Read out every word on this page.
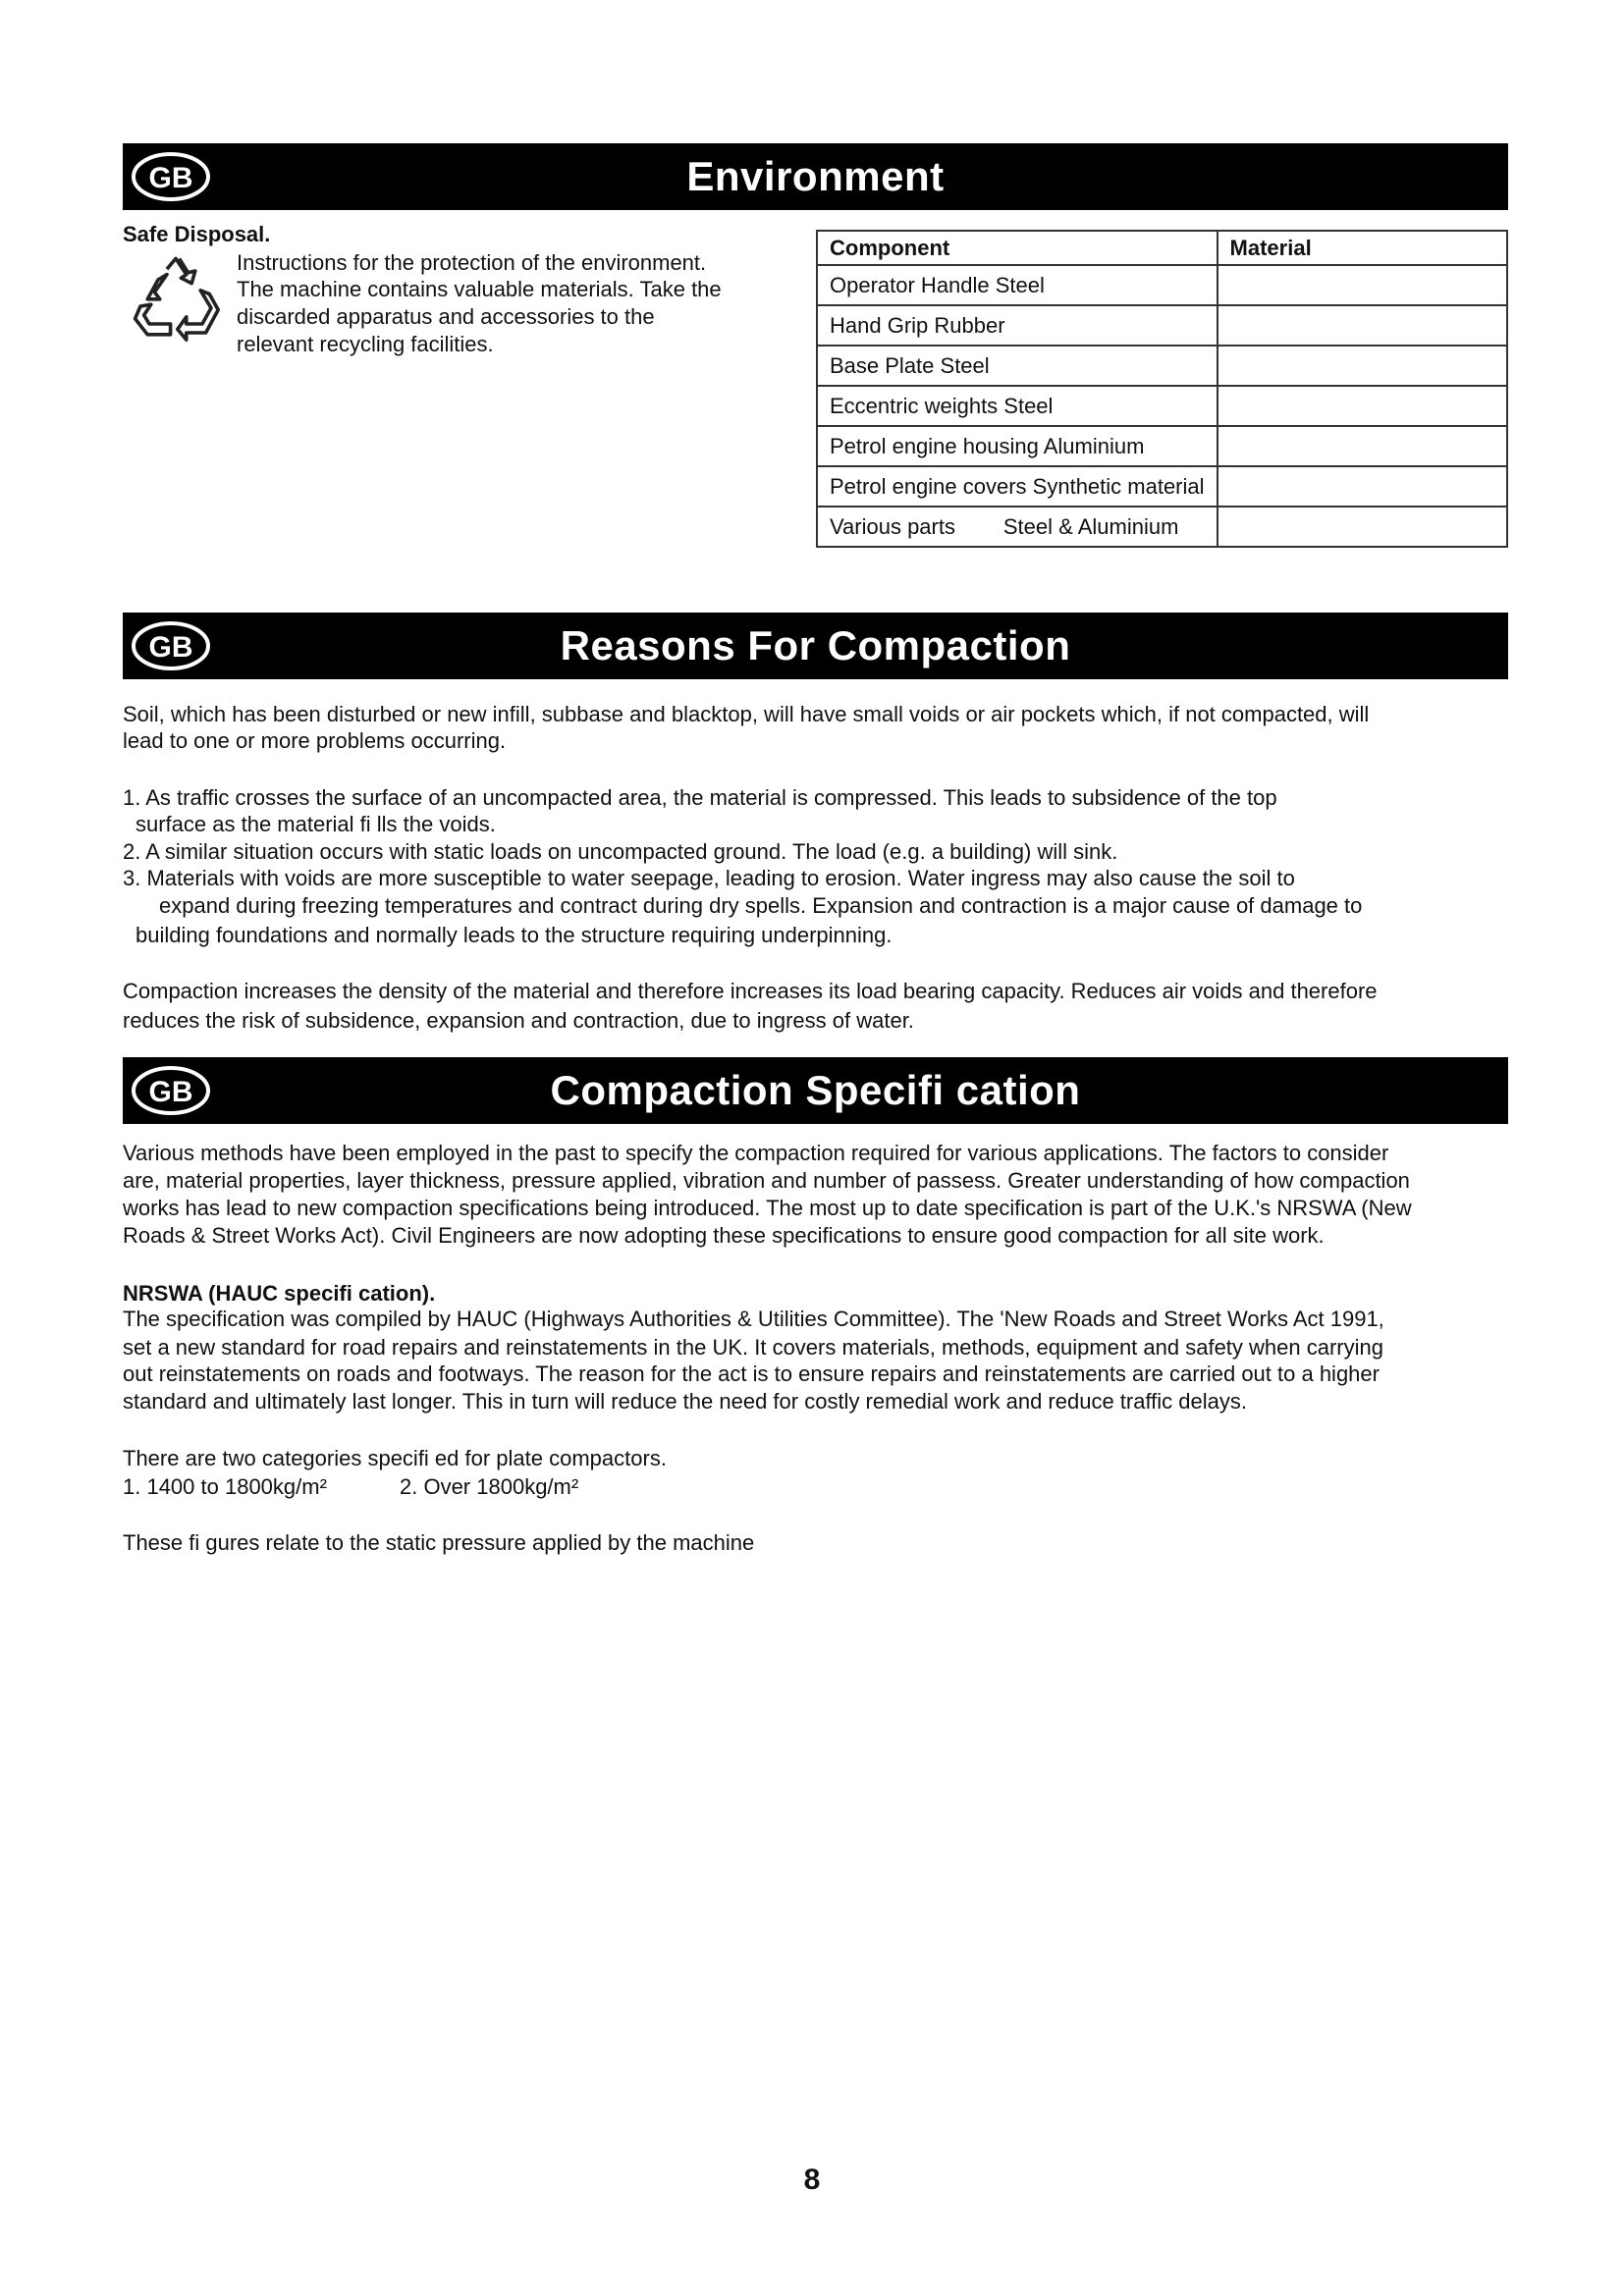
GB	Environment
Safe Disposal.
Instructions for the protection of the environment.
The machine contains valuable materials. Take the
discarded apparatus and accessories to the
relevant recycling facilities.
Component	Material
Operator Handle Steel	
Hand Grip Rubber	
Base Plate Steel	
Eccentric weights Steel	
Petrol engine housing Aluminium	
Petrol engine covers Synthetic material	
Various parts        Steel & Aluminium	
GB	Reasons For Compaction
Soil, which has been disturbed or new infill, subbase and blacktop, will have small voids or air pockets which, if not compacted, will
lead to one or more problems occurring.
1. As traffic crosses the surface of an uncompacted area, the material is compressed. This leads to subsidence of the top
surface as the material fi lls the voids.
2. A similar situation occurs with static loads on uncompacted ground. The load (e.g. a building) will sink.
3. Materials with voids are more susceptible to water seepage, leading to erosion. Water ingress may also cause the soil to
expand during freezing temperatures and contract during dry spells. Expansion and contraction is a major cause of damage to
building foundations and normally leads to the structure requiring underpinning.
Compaction increases the density of the material and therefore increases its load bearing capacity. Reduces air voids and therefore
reduces the risk of subsidence, expansion and contraction, due to ingress of water.
GB	Compaction Specifi cation
Various methods have been employed in the past to specify the compaction required for various applications. The factors to consider
are, material properties, layer thickness, pressure applied, vibration and number of passess. Greater understanding of how compaction
works has lead to new compaction specifications being introduced. The most up to date specification is part of the U.K.'s NRSWA (New
Roads & Street Works Act). Civil Engineers are now adopting these specifications to ensure good compaction for all site work.
NRSWA (HAUC specifi cation).
The specification was compiled by HAUC (Highways Authorities & Utilities Committee). The 'New Roads and Street Works Act 1991,
set a new standard for road repairs and reinstatements in the UK. It covers materials, methods, equipment and safety when carrying
out reinstatements on roads and footways. The reason for the act is to ensure repairs and reinstatements are carried out to a higher
standard and ultimately last longer. This in turn will reduce the need for costly remedial work and reduce traffic delays.
There are two categories specifi ed for plate compactors.
1. 1400 to 1800kg/m²	2. Over 1800kg/m²
These fi gures relate to the static pressure applied by the machine
8
